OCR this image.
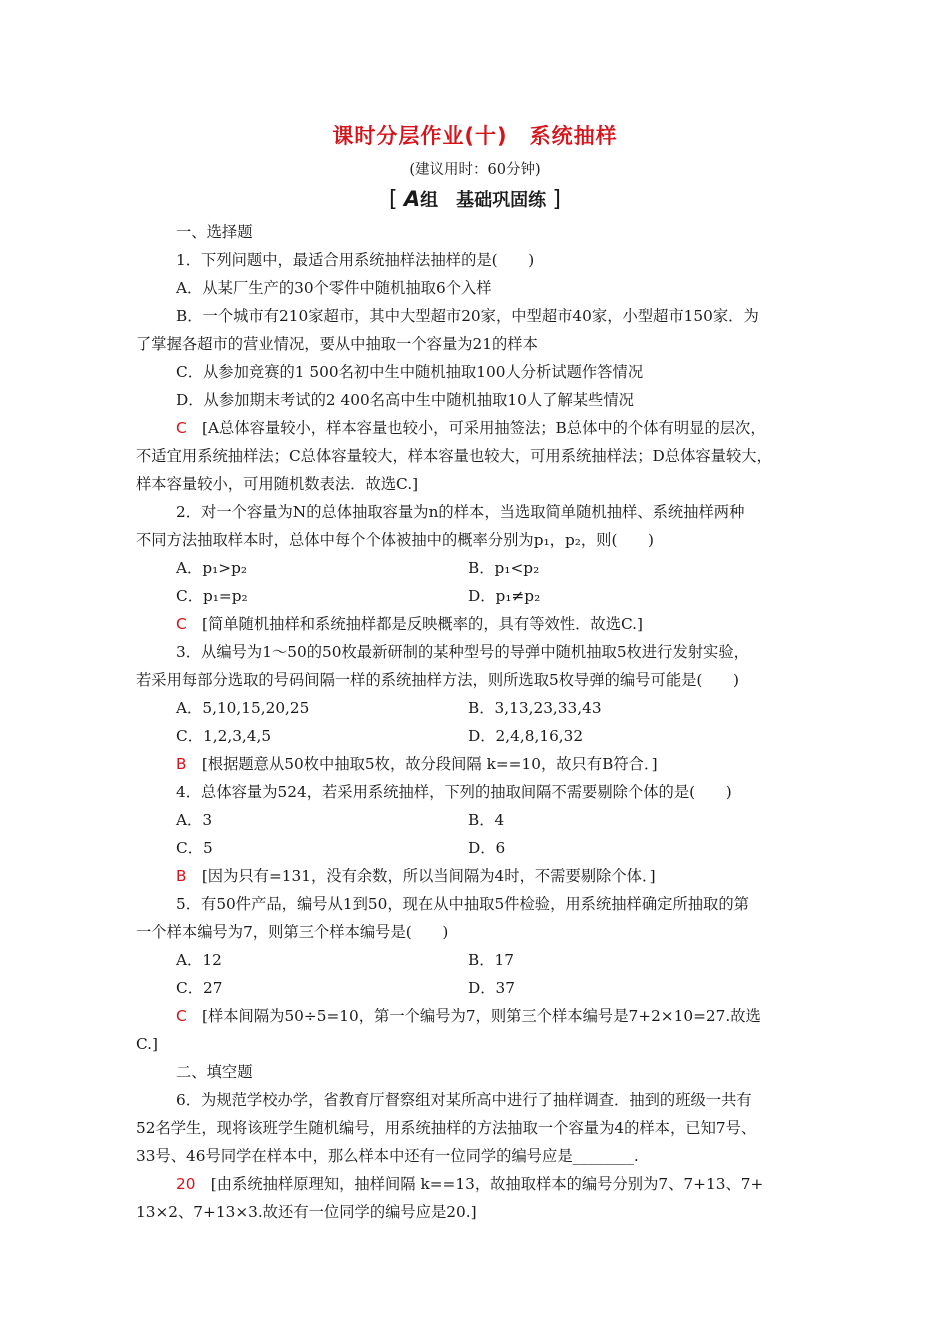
课时分层作业(十)　系统抽样
(建议用时：60分钟)
[ A组　基础巩固练 ]
一、选择题
1．下列问题中，最适合用系统抽样法抽样的是(　　)
A．从某厂生产的30个零件中随机抽取6个入样
B．一个城市有210家超市，其中大型超市20家，中型超市40家，小型超市150家．为
了掌握各超市的营业情况，要从中抽取一个容量为21的样本
C．从参加竞赛的1 500名初中生中随机抽取100人分析试题作答情况
D．从参加期末考试的2 400名高中生中随机抽取10人了解某些情况
C　 [A总体容量较小，样本容量也较小，可采用抽签法；B总体中的个体有明显的层次，
不适宜用系统抽样法；C总体容量较大，样本容量也较大，可用系统抽样法；D总体容量较大，
样本容量较小，可用随机数表法．故选C.]
2．对一个容量为N的总体抽取容量为n的样本，当选取简单随机抽样、系统抽样两种
不同方法抽取样本时，总体中每个个体被抽中的概率分别为p₁，p₂，则(　　)
A．p₁>p₂	B．p₁<p₂
C．p₁=p₂	D．p₁≠p₂
C　 [简单随机抽样和系统抽样都是反映概率的，具有等效性．故选C.]
3．从编号为1～50的50枚最新研制的某种型号的导弹中随机抽取5枚进行发射实验，
若采用每部分选取的号码间隔一样的系统抽样方法，则所选取5枚导弹的编号可能是(　　)
A．5,10,15,20,25	B．3,13,23,33,43
C．1,2,3,4,5	D．2,4,8,16,32
B　 [根据题意从50枚中抽取5枚，故分段间隔 k==10，故只有B符合．]
4．总体容量为524，若采用系统抽样，下列的抽取间隔不需要剔除个体的是(　　)
A．3	B．4
C．5	D．6
B　 [因为只有=131，没有余数，所以当间隔为4时，不需要剔除个体．]
5．有50件产品，编号从1到50，现在从中抽取5件检验，用系统抽样确定所抽取的第
一个样本编号为7，则第三个样本编号是(　　)
A．12	B．17
C．27	D．37
C　 [样本间隔为50÷5=10，第一个编号为7，则第三个样本编号是7+2×10=27.故选
C.]
二、填空题
6．为规范学校办学，省教育厅督察组对某所高中进行了抽样调查．抽到的班级一共有
52名学生，现将该班学生随机编号，用系统抽样的方法抽取一个容量为4的样本，已知7号、
33号、46号同学在样本中，那么样本中还有一位同学的编号应是________.
20　 [由系统抽样原理知，抽样间隔 k==13，故抽取样本的编号分别为7、7+13、7+
13×2、7+13×3.故还有一位同学的编号应是20.]
